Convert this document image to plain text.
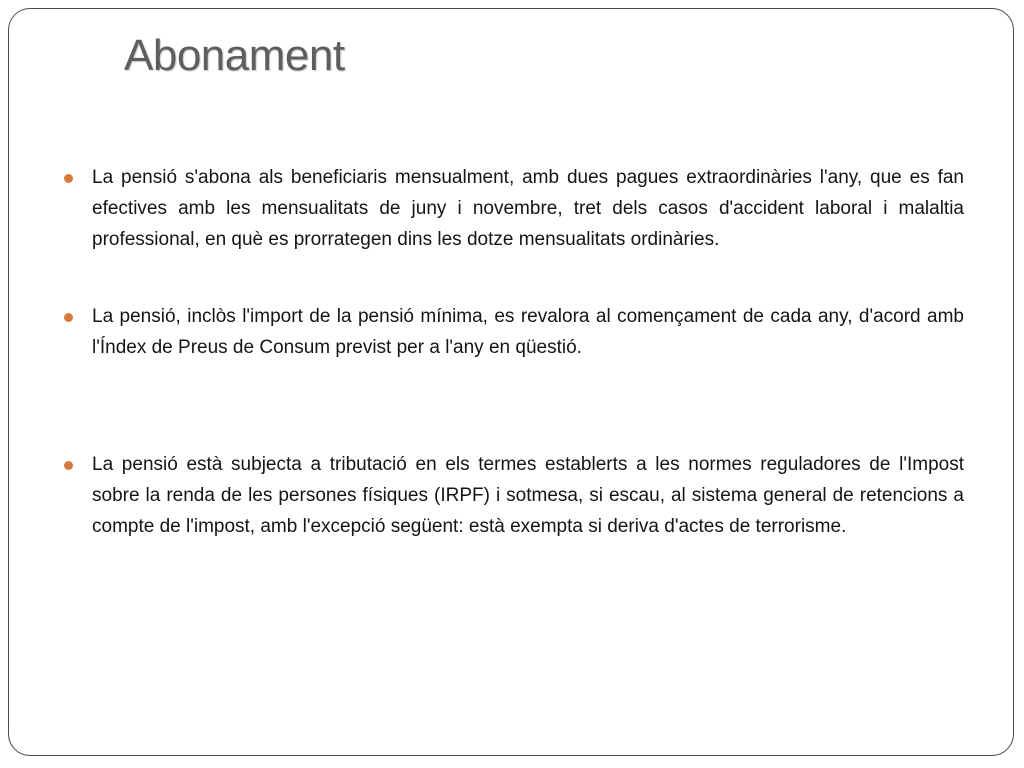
Abonament
La pensió s'abona als beneficiaris mensualment, amb dues pagues extraordinàries l'any, que es fan efectives amb les mensualitats de juny i novembre, tret dels casos d'accident laboral i malaltia professional, en què es prorrategen dins les dotze mensualitats ordinàries.
La pensió, inclòs l'import de la pensió mínima, es revalora al començament de cada any, d'acord amb l'Índex de Preus de Consum previst per a l'any en qüestió.
La pensió està subjecta a tributació en els termes establerts a les normes reguladores de l'Impost sobre la renda de les persones físiques (IRPF) i sotmesa, si escau, al sistema general de retencions a compte de l'impost, amb l'excepció següent: està exempta si deriva d'actes de terrorisme.
